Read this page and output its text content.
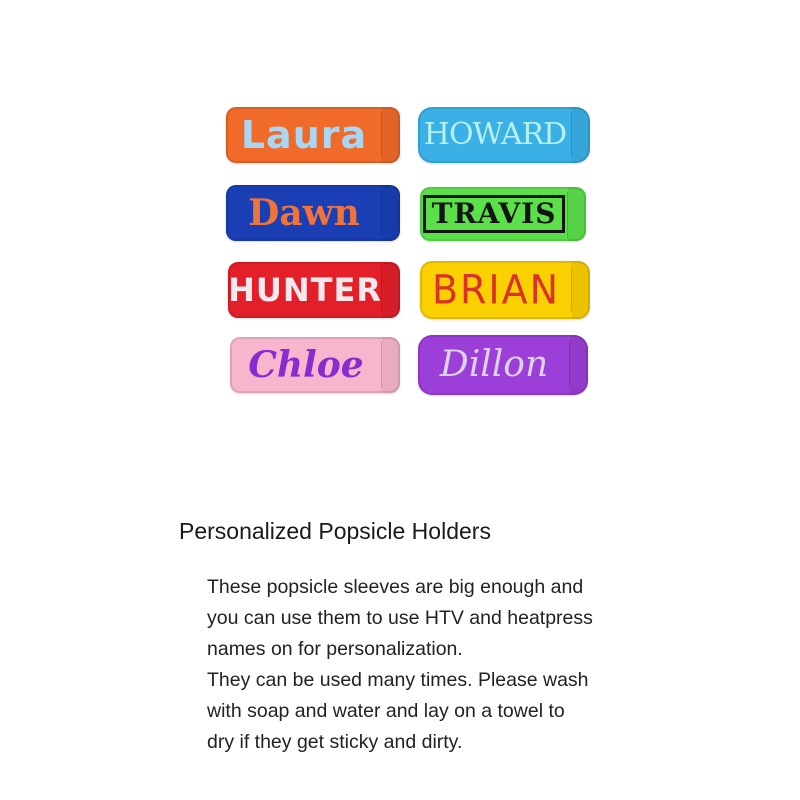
Laura	HOWARD
Dawn	TRAVIS
HUNTER	BRIAN
Chloe	Dillon
Personalized Popsicle Holders
These popsicle sleeves are big enough and
you can use them to use HTV and heatpress
names on for personalization.
They can be used many times. Please wash
with soap and water and lay on a towel to
dry if they get sticky and dirty.
